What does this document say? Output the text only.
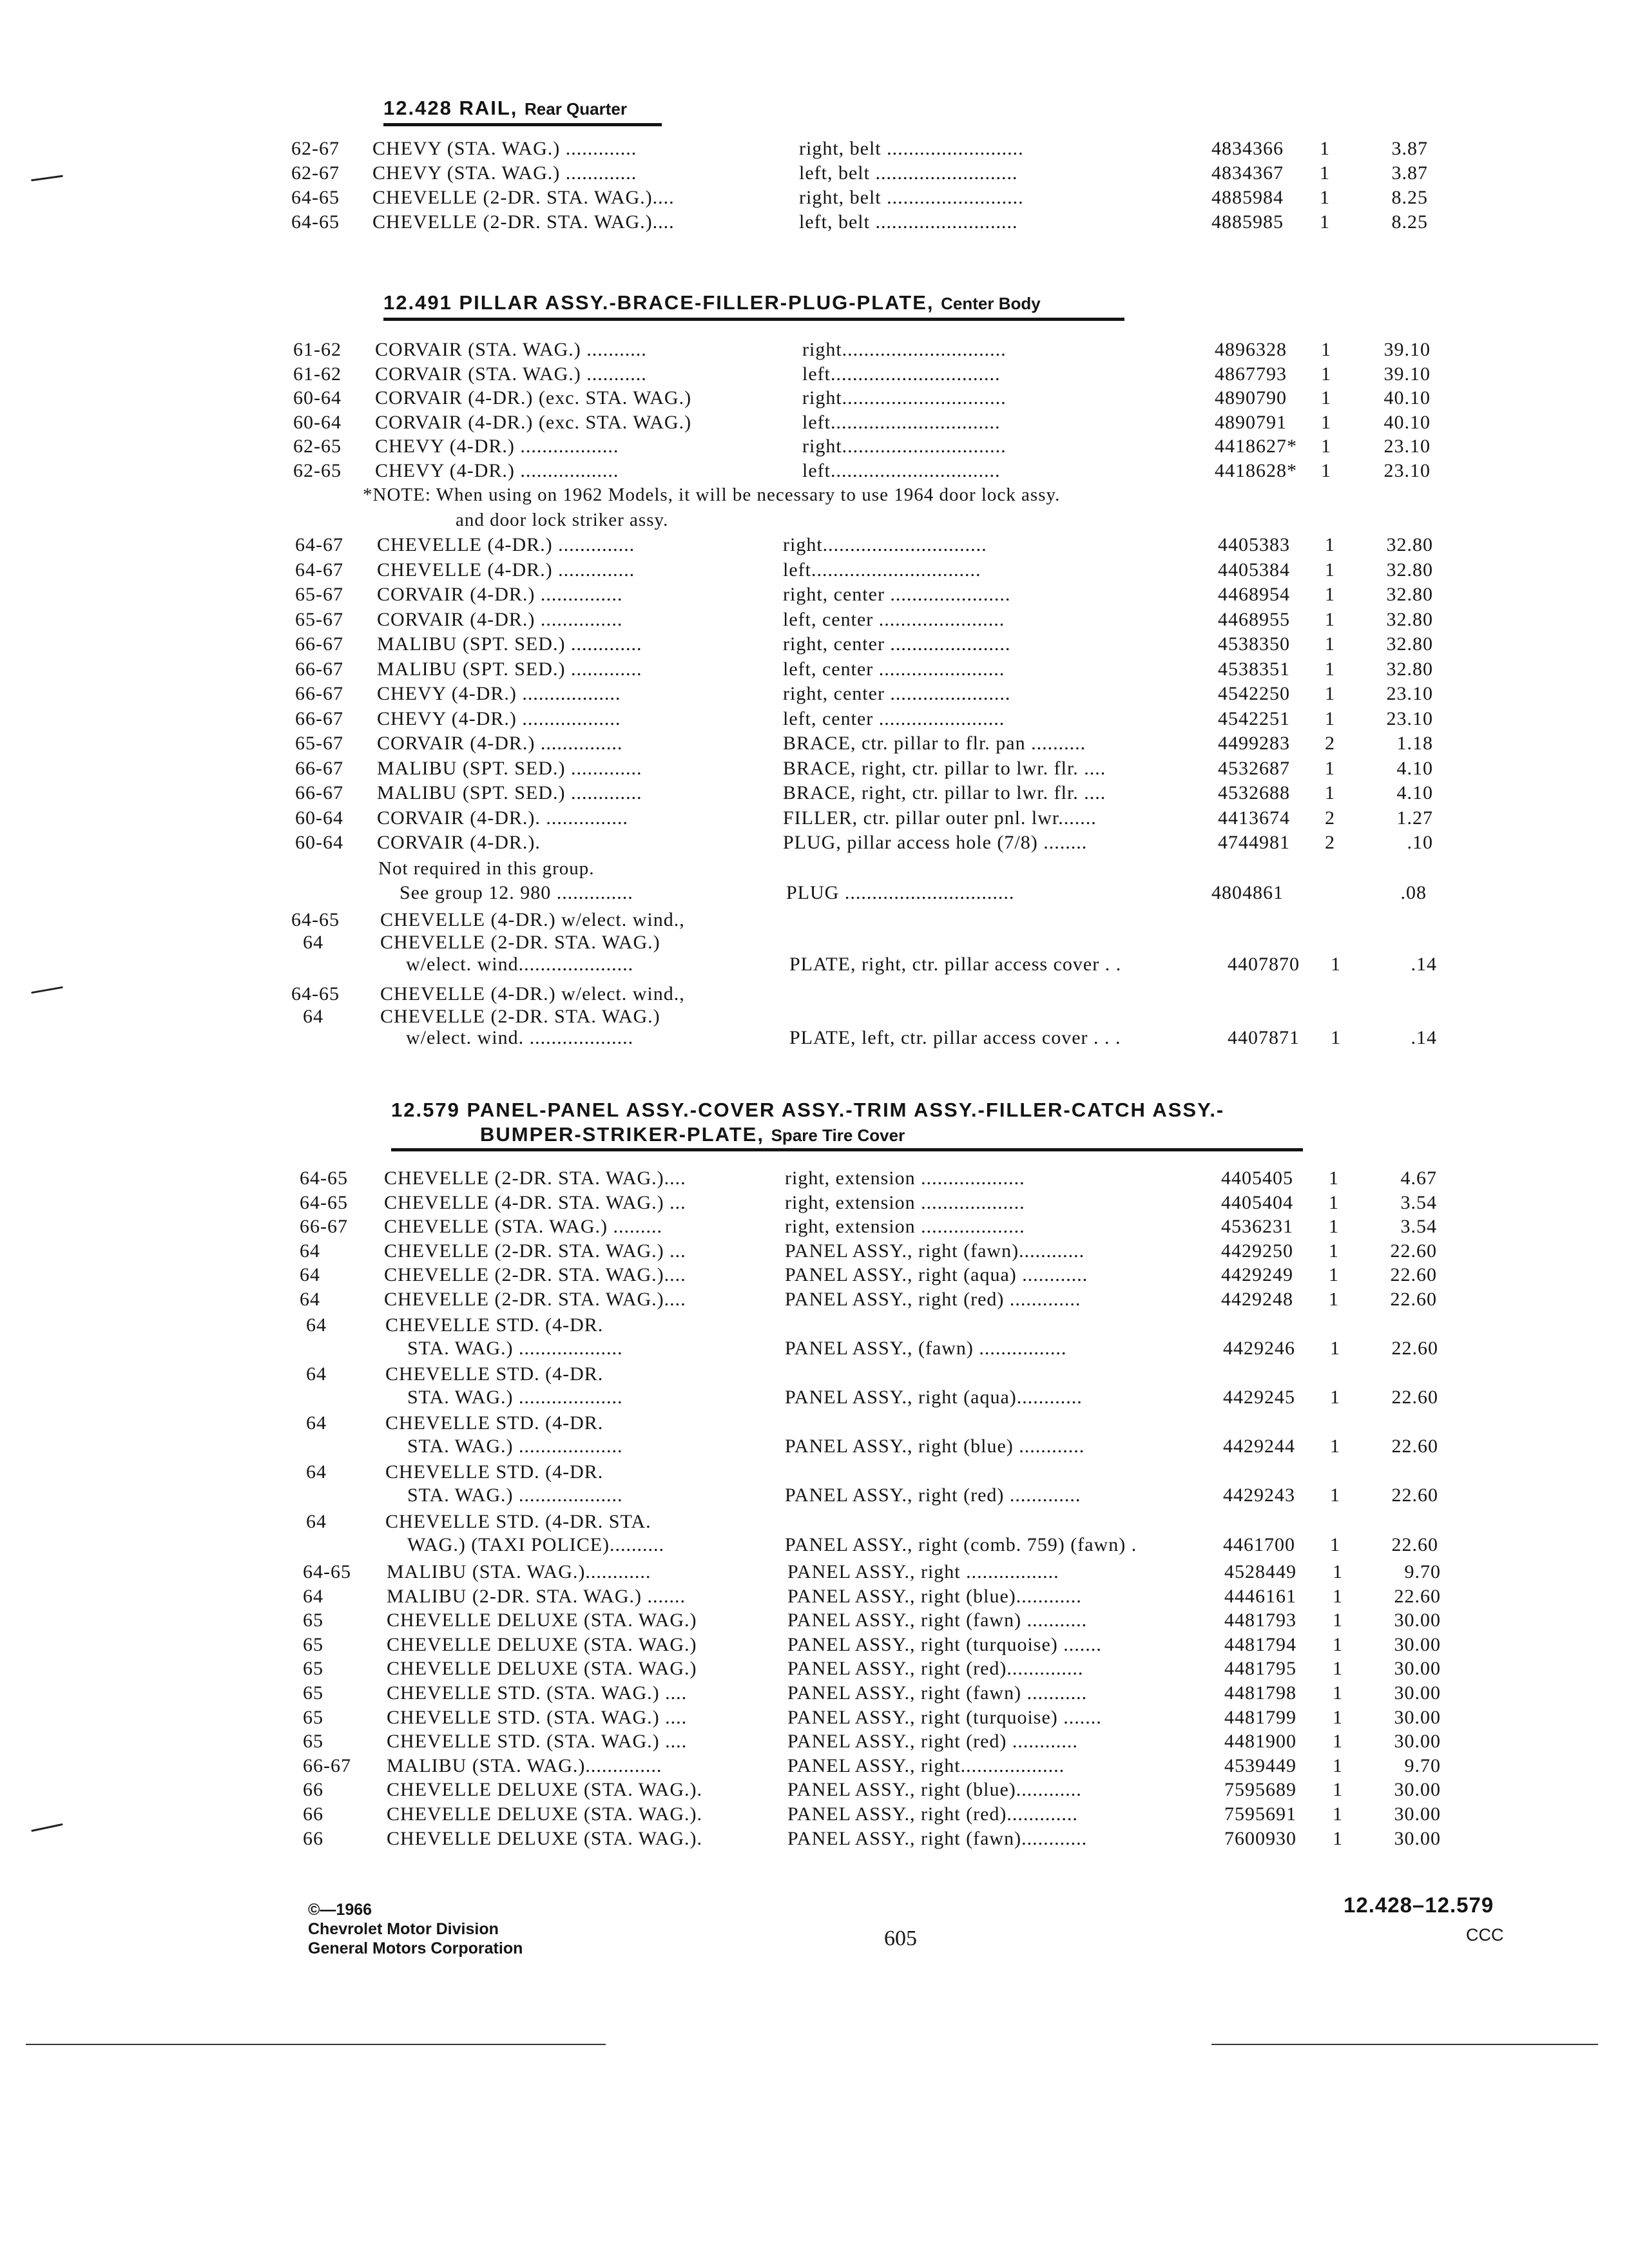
12.428 RAIL, Rear Quarter
62-67 CHEVY (STA. WAG.) .............	right, belt .........................	4834366 1	3.87
62-67 CHEVY (STA. WAG.) .............	left, belt ..........................	4834367 1	3.87
64-65 CHEVELLE (2-DR. STA. WAG.)....	right, belt .........................	4885984 1	8.25
64-65 CHEVELLE (2-DR. STA. WAG.)....	left, belt ..........................	4885985 1	8.25
12.491 PILLAR ASSY.-BRACE-FILLER-PLUG-PLATE, Center Body
61-62 CORVAIR (STA. WAG.) ...........	right..............................	4896328 1	39.10
61-62 CORVAIR (STA. WAG.) ...........	left...............................	4867793 1	39.10
60-64 CORVAIR (4-DR.) (exc. STA. WAG.)	right..............................	4890790 1	40.10
60-64 CORVAIR (4-DR.) (exc. STA. WAG.)	left...............................	4890791 1	40.10
62-65 CHEVY (4-DR.) ..................	right..............................	4418627* 1	23.10
62-65 CHEVY (4-DR.) ..................	left...............................	4418628* 1	23.10
*NOTE: When using on 1962 Models, it will be necessary to use 1964 door lock assy.
and door lock striker assy.
64-67 CHEVELLE (4-DR.) ..............	right..............................	4405383 1	32.80
64-67 CHEVELLE (4-DR.) ..............	left...............................	4405384 1	32.80
65-67 CORVAIR (4-DR.) ...............	right, center ......................	4468954 1	32.80
65-67 CORVAIR (4-DR.) ...............	left, center .......................	4468955 1	32.80
66-67 MALIBU (SPT. SED.) .............	right, center ......................	4538350 1	32.80
66-67 MALIBU (SPT. SED.) .............	left, center .......................	4538351 1	32.80
66-67 CHEVY (4-DR.) ..................	right, center ......................	4542250 1	23.10
66-67 CHEVY (4-DR.) ..................	left, center .......................	4542251 1	23.10
65-67 CORVAIR (4-DR.) ...............	BRACE, ctr. pillar to flr. pan ..........	4499283 2	1.18
66-67 MALIBU (SPT. SED.) .............	BRACE, right, ctr. pillar to lwr. flr. ....	4532687 1	4.10
66-67 MALIBU (SPT. SED.) .............	BRACE, right, ctr. pillar to lwr. flr. ....	4532688 1	4.10
60-64 CORVAIR (4-DR.). ...............	FILLER, ctr. pillar outer pnl. lwr.......	4413674 2	1.27
60-64 CORVAIR (4-DR.).	PLUG, pillar access hole (7/8) ........	4744981 2	.10
Not required in this group.
See group 12. 980 ..............	PLUG ...............................	4804861	.08
64-65 CHEVELLE (4-DR.) w/elect. wind.,
64	CHEVELLE (2-DR. STA. WAG.)
w/elect. wind.....................	PLATE, right, ctr. pillar access cover . .	4407870 1	.14
64-65 CHEVELLE (4-DR.) w/elect. wind.,
64	CHEVELLE (2-DR. STA. WAG.)
w/elect. wind. ...................	PLATE, left, ctr. pillar access cover . . .	4407871 1	.14
12.579 PANEL-PANEL ASSY.-COVER ASSY.-TRIM ASSY.-FILLER-CATCH ASSY.-
BUMPER-STRIKER-PLATE, Spare Tire Cover
64-65 CHEVELLE (2-DR. STA. WAG.)....	right, extension ...................	4405405 1	4.67
64-65 CHEVELLE (4-DR. STA. WAG.) ...	right, extension ...................	4405404 1	3.54
66-67 CHEVELLE (STA. WAG.) .........	right, extension ...................	4536231 1	3.54
64	CHEVELLE (2-DR. STA. WAG.) ...	PANEL ASSY., right (fawn)............	4429250 1	22.60
64	CHEVELLE (2-DR. STA. WAG.)....	PANEL ASSY., right (aqua) ............	4429249 1	22.60
64	CHEVELLE (2-DR. STA. WAG.)....	PANEL ASSY., right (red) .............	4429248 1	22.60
64	CHEVELLE STD. (4-DR.
STA. WAG.) ...................	PANEL ASSY., (fawn) ................	4429246 1	22.60
64	CHEVELLE STD. (4-DR.
STA. WAG.) ...................	PANEL ASSY., right (aqua)............	4429245 1	22.60
64	CHEVELLE STD. (4-DR.
STA. WAG.) ...................	PANEL ASSY., right (blue) ............	4429244 1	22.60
64	CHEVELLE STD. (4-DR.
STA. WAG.) ...................	PANEL ASSY., right (red) .............	4429243 1	22.60
64	CHEVELLE STD. (4-DR. STA.
WAG.) (TAXI POLICE)..........	PANEL ASSY., right (comb. 759) (fawn) .	4461700 1	22.60
64-65 MALIBU (STA. WAG.)............	PANEL ASSY., right .................	4528449 1	9.70
64	MALIBU (2-DR. STA. WAG.) .......	PANEL ASSY., right (blue)............	4446161 1	22.60
65	CHEVELLE DELUXE (STA. WAG.)	PANEL ASSY., right (fawn) ...........	4481793 1	30.00
65	CHEVELLE DELUXE (STA. WAG.)	PANEL ASSY., right (turquoise) .......	4481794 1	30.00
65	CHEVELLE DELUXE (STA. WAG.)	PANEL ASSY., right (red)..............	4481795 1	30.00
65	CHEVELLE STD. (STA. WAG.) ....	PANEL ASSY., right (fawn) ...........	4481798 1	30.00
65	CHEVELLE STD. (STA. WAG.) ....	PANEL ASSY., right (turquoise) .......	4481799 1	30.00
65	CHEVELLE STD. (STA. WAG.) ....	PANEL ASSY., right (red) ............	4481900 1	30.00
66-67 MALIBU (STA. WAG.)..............	PANEL ASSY., right...................	4539449 1	9.70
66	CHEVELLE DELUXE (STA. WAG.).	PANEL ASSY., right (blue)............	7595689 1	30.00
66	CHEVELLE DELUXE (STA. WAG.).	PANEL ASSY., right (red).............	7595691 1	30.00
66	CHEVELLE DELUXE (STA. WAG.).	PANEL ASSY., right (fawn)............	7600930 1	30.00
©—1966
Chevrolet Motor Division
General Motors Corporation	605
12.428–12.579
CCC
